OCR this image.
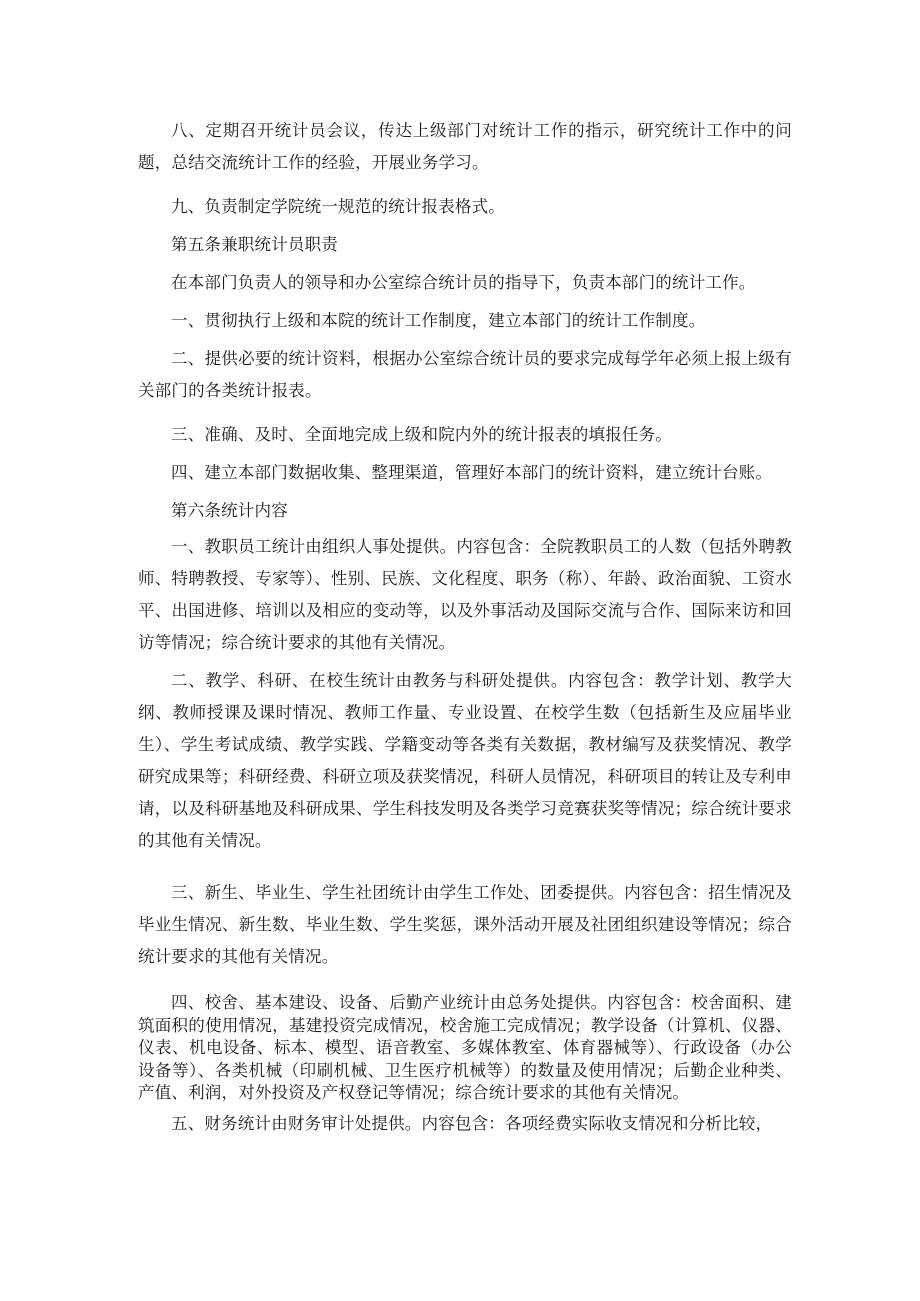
八、定期召开统计员会议，传达上级部门对统计工作的指示，研究统计工作中的问题，总结交流统计工作的经验，开展业务学习。

九、负责制定学院统一规范的统计报表格式。

第五条兼职统计员职责

在本部门负责人的领导和办公室综合统计员的指导下，负责本部门的统计工作。

一、贯彻执行上级和本院的统计工作制度，建立本部门的统计工作制度。

二、提供必要的统计资料，根据办公室综合统计员的要求完成每学年必须上报上级有关部门的各类统计报表。

三、准确、及时、全面地完成上级和院内外的统计报表的填报任务。

四、建立本部门数据收集、整理渠道，管理好本部门的统计资料，建立统计台账。

第六条统计内容

一、教职员工统计由组织人事处提供。内容包含：全院教职员工的人数（包括外聘教师、特聘教授、专家等）、性别、民族、文化程度、职务（称）、年龄、政治面貌、工资水平、出国进修、培训以及相应的变动等，以及外事活动及国际交流与合作、国际来访和回访等情况；综合统计要求的其他有关情况。

二、教学、科研、在校生统计由教务与科研处提供。内容包含：教学计划、教学大纲、教师授课及课时情况、教师工作量、专业设置、在校学生数（包括新生及应届毕业生）、学生考试成绩、教学实践、学籍变动等各类有关数据，教材编写及获奖情况、教学研究成果等；科研经费、科研立项及获奖情况，科研人员情况，科研项目的转让及专利申请，以及科研基地及科研成果、学生科技发明及各类学习竞赛获奖等情况；综合统计要求的其他有关情况。

三、新生、毕业生、学生社团统计由学生工作处、团委提供。内容包含：招生情况及毕业生情况、新生数、毕业生数、学生奖惩，课外活动开展及社团组织建设等情况；综合统计要求的其他有关情况。

四、校舍、基本建设、设备、后勤产业统计由总务处提供。内容包含：校舍面积、建筑面积的使用情况，基建投资完成情况，校舍施工完成情况；教学设备（计算机、仪器、仪表、机电设备、标本、模型、语音教室、多媒体教室、体育器械等）、行政设备（办公设备等）、各类机械（印刷机械、卫生医疗机械等）的数量及使用情况；后勤企业种类、产值、利润，对外投资及产权登记等情况；综合统计要求的其他有关情况。

五、财务统计由财务审计处提供。内容包含：各项经费实际收支情况和分析比较，
